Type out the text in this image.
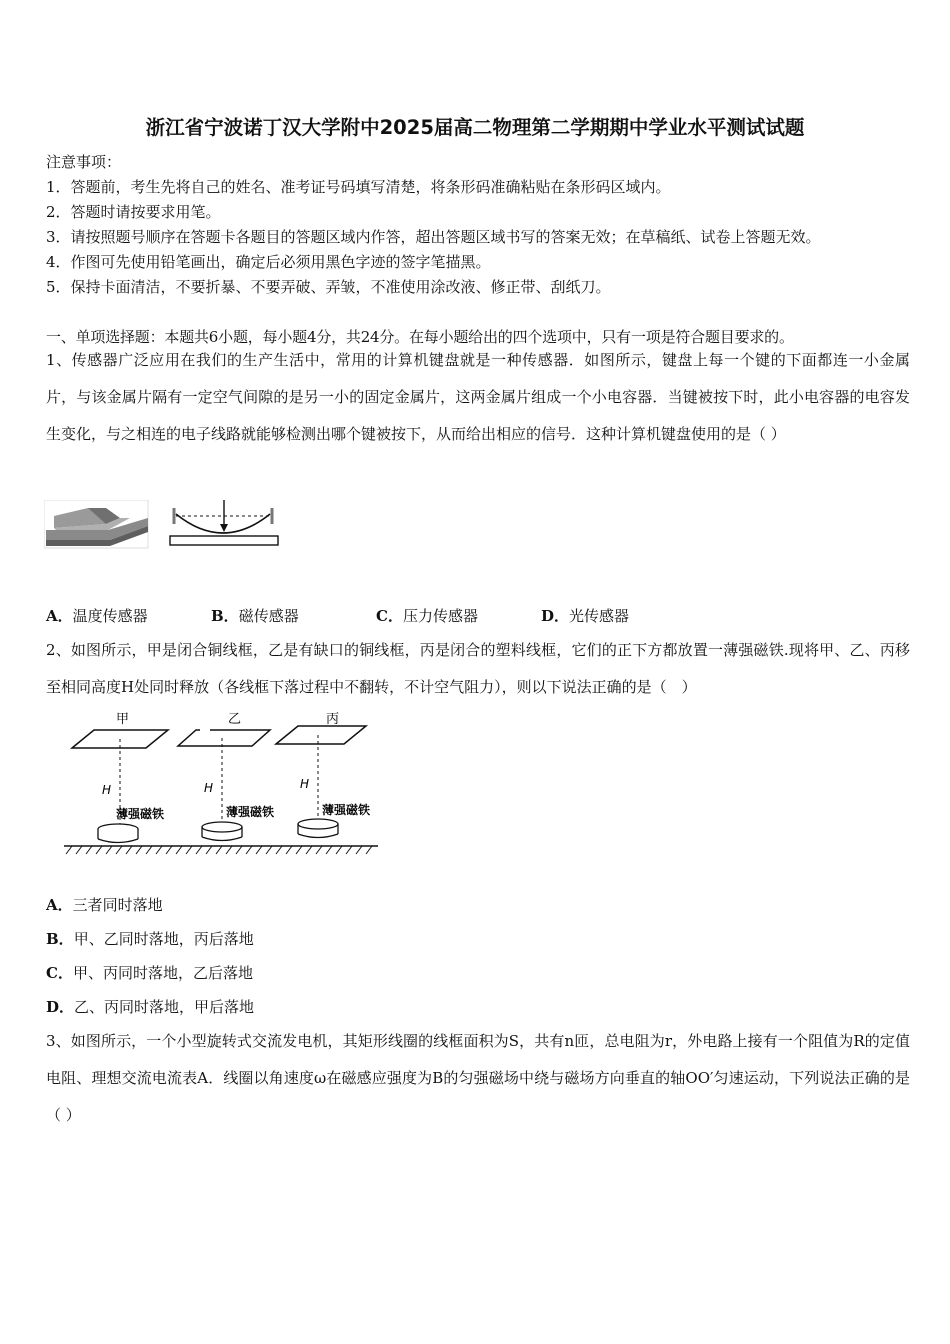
浙江省宁波诺丁汉大学附中2025届高二物理第二学期期中学业水平测试试题
注意事项：
1．答题前，考生先将自己的姓名、准考证号码填写清楚，将条形码准确粘贴在条形码区域内。
2．答题时请按要求用笔。
3．请按照题号顺序在答题卡各题目的答题区域内作答，超出答题区域书写的答案无效；在草稿纸、试卷上答题无效。
4．作图可先使用铅笔画出，确定后必须用黑色字迹的签字笔描黑。
5．保持卡面清洁，不要折暴、不要弄破、弄皱，不准使用涂改液、修正带、刮纸刀。
一、单项选择题：本题共6小题，每小题4分，共24分。在每小题给出的四个选项中，只有一项是符合题目要求的。
1、传感器广泛应用在我们的生产生活中，常用的计算机键盘就是一种传感器．如图所示，键盘上每一个键的下面都连一小金属片，与该金属片隔有一定空气间隙的是另一小的固定金属片，这两金属片组成一个小电容器．当键被按下时，此小电容器的电容发生变化，与之相连的电子线路就能够检测出哪个键被按下，从而给出相应的信号．这种计算机键盘使用的是（ ）
A．温度传感器	B．磁传感器	C．压力传感器	D．光传感器
2、如图所示，甲是闭合铜线框，乙是有缺口的铜线框，丙是闭合的塑料线框，它们的正下方都放置一薄强磁铁.现将甲、乙、丙移至相同高度H处同时释放（各线框下落过程中不翻转，不计空气阻力），则以下说法正确的是（　）
甲
H
薄强磁铁
乙
H
薄强磁铁
丙
H
薄强磁铁
A．三者同时落地
B．甲、乙同时落地，丙后落地
C．甲、丙同时落地，乙后落地
D．乙、丙同时落地，甲后落地
3、如图所示，一个小型旋转式交流发电机，其矩形线圈的线框面积为S，共有n匝，总电阻为r，外电路上接有一个阻值为R的定值电阻、理想交流电流表A．线圈以角速度ω在磁感应强度为B的匀强磁场中绕与磁场方向垂直的轴OO′匀速运动，下列说法正确的是（ ）
